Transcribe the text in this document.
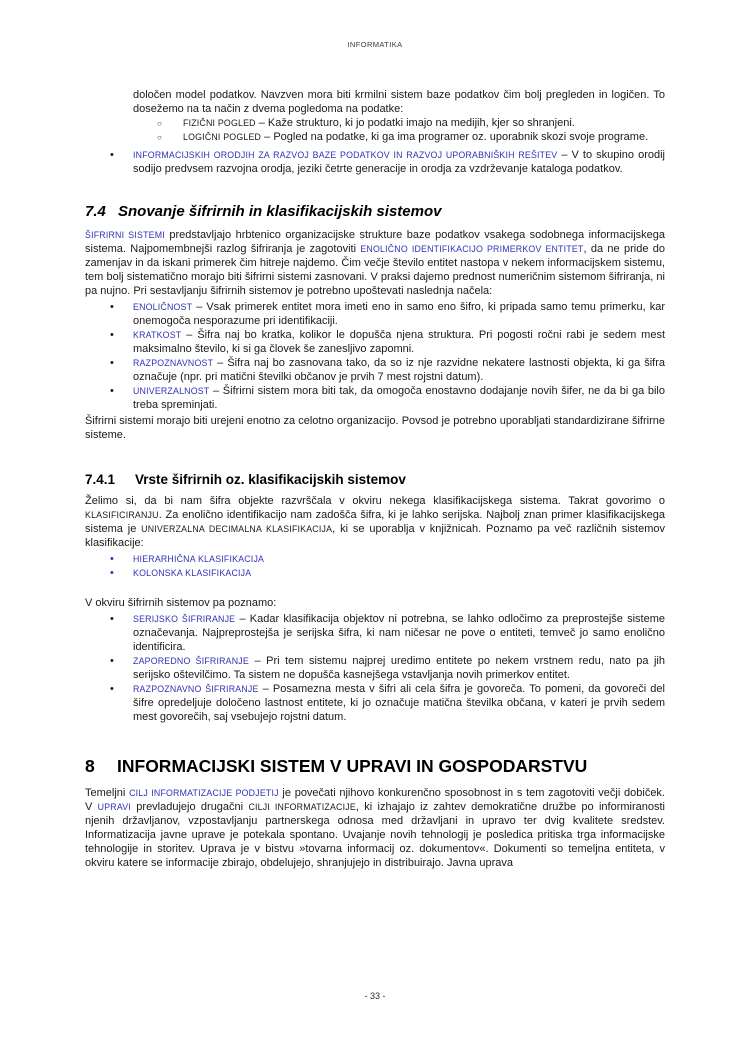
INFORMATIKA

določen model podatkov. Navzven mora biti krmilni sistem baze podatkov čim bolj pregleden in logičen. To dosežemo na ta način z dvema pogledoma na podatke:

○ FIZIČNI POGLED – Kaže strukturo, ki jo podatki imajo na medijih, kjer so shranjeni.
○ LOGIČNI POGLED – Pogled na podatke, ki ga ima programer oz. uporabnik skozi svoje programe.
• INFORMACIJSKIH ORODJIH ZA RAZVOJ BAZE PODATKOV IN RAZVOJ UPORABNIŠKIH REŠITEV – V to skupino orodij sodijo predvsem razvojna orodja, jeziki četrte generacije in orodja za vzdrževanje kataloga podatkov.
7.4 Snovanje šifrirnih in klasifikacijskih sistemov

ŠIFRIRNI SISTEMI predstavljajo hrbtenico organizacijske strukture baze podatkov vsakega sodobnega informacijskega sistema. Najpomembnejši razlog šifriranja je zagotoviti ENOLIČNO IDENTIFIKACIJO PRIMERKOV ENTITET, da ne pride do zamenjav in da iskani primerek čim hitreje najdemo. Čim večje število entitet nastopa v nekem informacijskem sistemu, tem bolj sistematično morajo biti šifrirni sistemi zasnovani. V praksi dajemo prednost numeričnim sistemom šifriranja, ni pa nujno. Pri sestavljanju šifrirnih sistemov je potrebno upoštevati naslednja načela:

• ENOLIČNOST – Vsak primerek entitet mora imeti eno in samo eno šifro, ki pripada samo temu primerku, kar onemogoča nesporazume pri identifikaciji.
• KRATKOST – Šifra naj bo kratka, kolikor le dopušča njena struktura. Pri pogosti ročni rabi je sedem mest maksimalno število, ki si ga človek še zanesljivo zapomni.
• RAZPOZNAVNOST – Šifra naj bo zasnovana tako, da so iz nje razvidne nekatere lastnosti objekta, ki ga šifra označuje (npr. pri matični številki občanov je prvih 7 mest rojstni datum).
• UNIVERZALNOST – Šifrirni sistem mora biti tak, da omogoča enostavno dodajanje novih šifer, ne da bi ga bilo treba spreminjati.

Šifrirni sistemi morajo biti urejeni enotno za celotno organizacijo. Povsod je potrebno uporabljati standardizirane šifrirne sisteme.

7.4.1 Vrste šifrirnih oz. klasifikacijskih sistemov

Želimo si, da bi nam šifra objekte razvrščala v okviru nekega klasifikacijskega sistema. Takrat govorimo o KLASIFICIRANJU. Za enolično identifikacijo nam zadošča šifra, ki je lahko serijska. Najbolj znan primer klasifikacijskega sistema je UNIVERZALNA DECIMALNA KLASIFIKACIJA, ki se uporablja v knjižnicah. Poznamo pa več različnih sistemov klasifikacije:

• HIERARHIČNA KLASIFIKACIJA
• KOLONSKA KLASIFIKACIJA

V okviru šifrirnih sistemov pa poznamo:

• SERIJSKO ŠIFRIRANJE – Kadar klasifikacija objektov ni potrebna, se lahko odločimo za preprostejše sisteme označevanja. Najpreprostejša je serijska šifra, ki nam ničesar ne pove o entiteti, temveč jo samo enolično identificira.
• ZAPOREDNO ŠIFRIRANJE – Pri tem sistemu najprej uredimo entitete po nekem vrstnem redu, nato pa jih serijsko oštevilčimo. Ta sistem ne dopušča kasnejšega vstavljanja novih primerkov entitet.
• RAZPOZNAVNO ŠIFRIRANJE – Posamezna mesta v šifri ali cela šifra je govoreča. To pomeni, da govoreči del šifre opredeljuje določeno lastnost entitete, ki jo označuje matična številka občana, v kateri je prvih sedem mest govorečih, saj vsebujejo rojstni datum.
8 INFORMACIJSKI SISTEM V UPRAVI IN GOSPODARSTVU

Temeljni CILJ INFORMATIZACIJE PODJETIJ je povečati njihovo konkurenčno sposobnost in s tem zagotoviti večji dobiček. V UPRAVI prevladujejo drugačni CILJI INFORMATIZACIJE, ki izhajajo iz zahtev demokratične družbe po informiranosti njenih državljanov, vzpostavljanju partnerskega odnosa med državljani in upravo ter dvig kvalitete sredstev. Informatizacija javne uprave je potekala spontano. Uvajanje novih tehnologij je posledica pritiska trga informacijske tehnologije in storitev. Uprava je v bistvu »tovarna informacij oz. dokumentov«. Dokumenti so temeljna entiteta, v okviru katere se informacije zbirajo, obdelujejo, shranjujejo in distribuirajo. Javna uprava

- 33 -
